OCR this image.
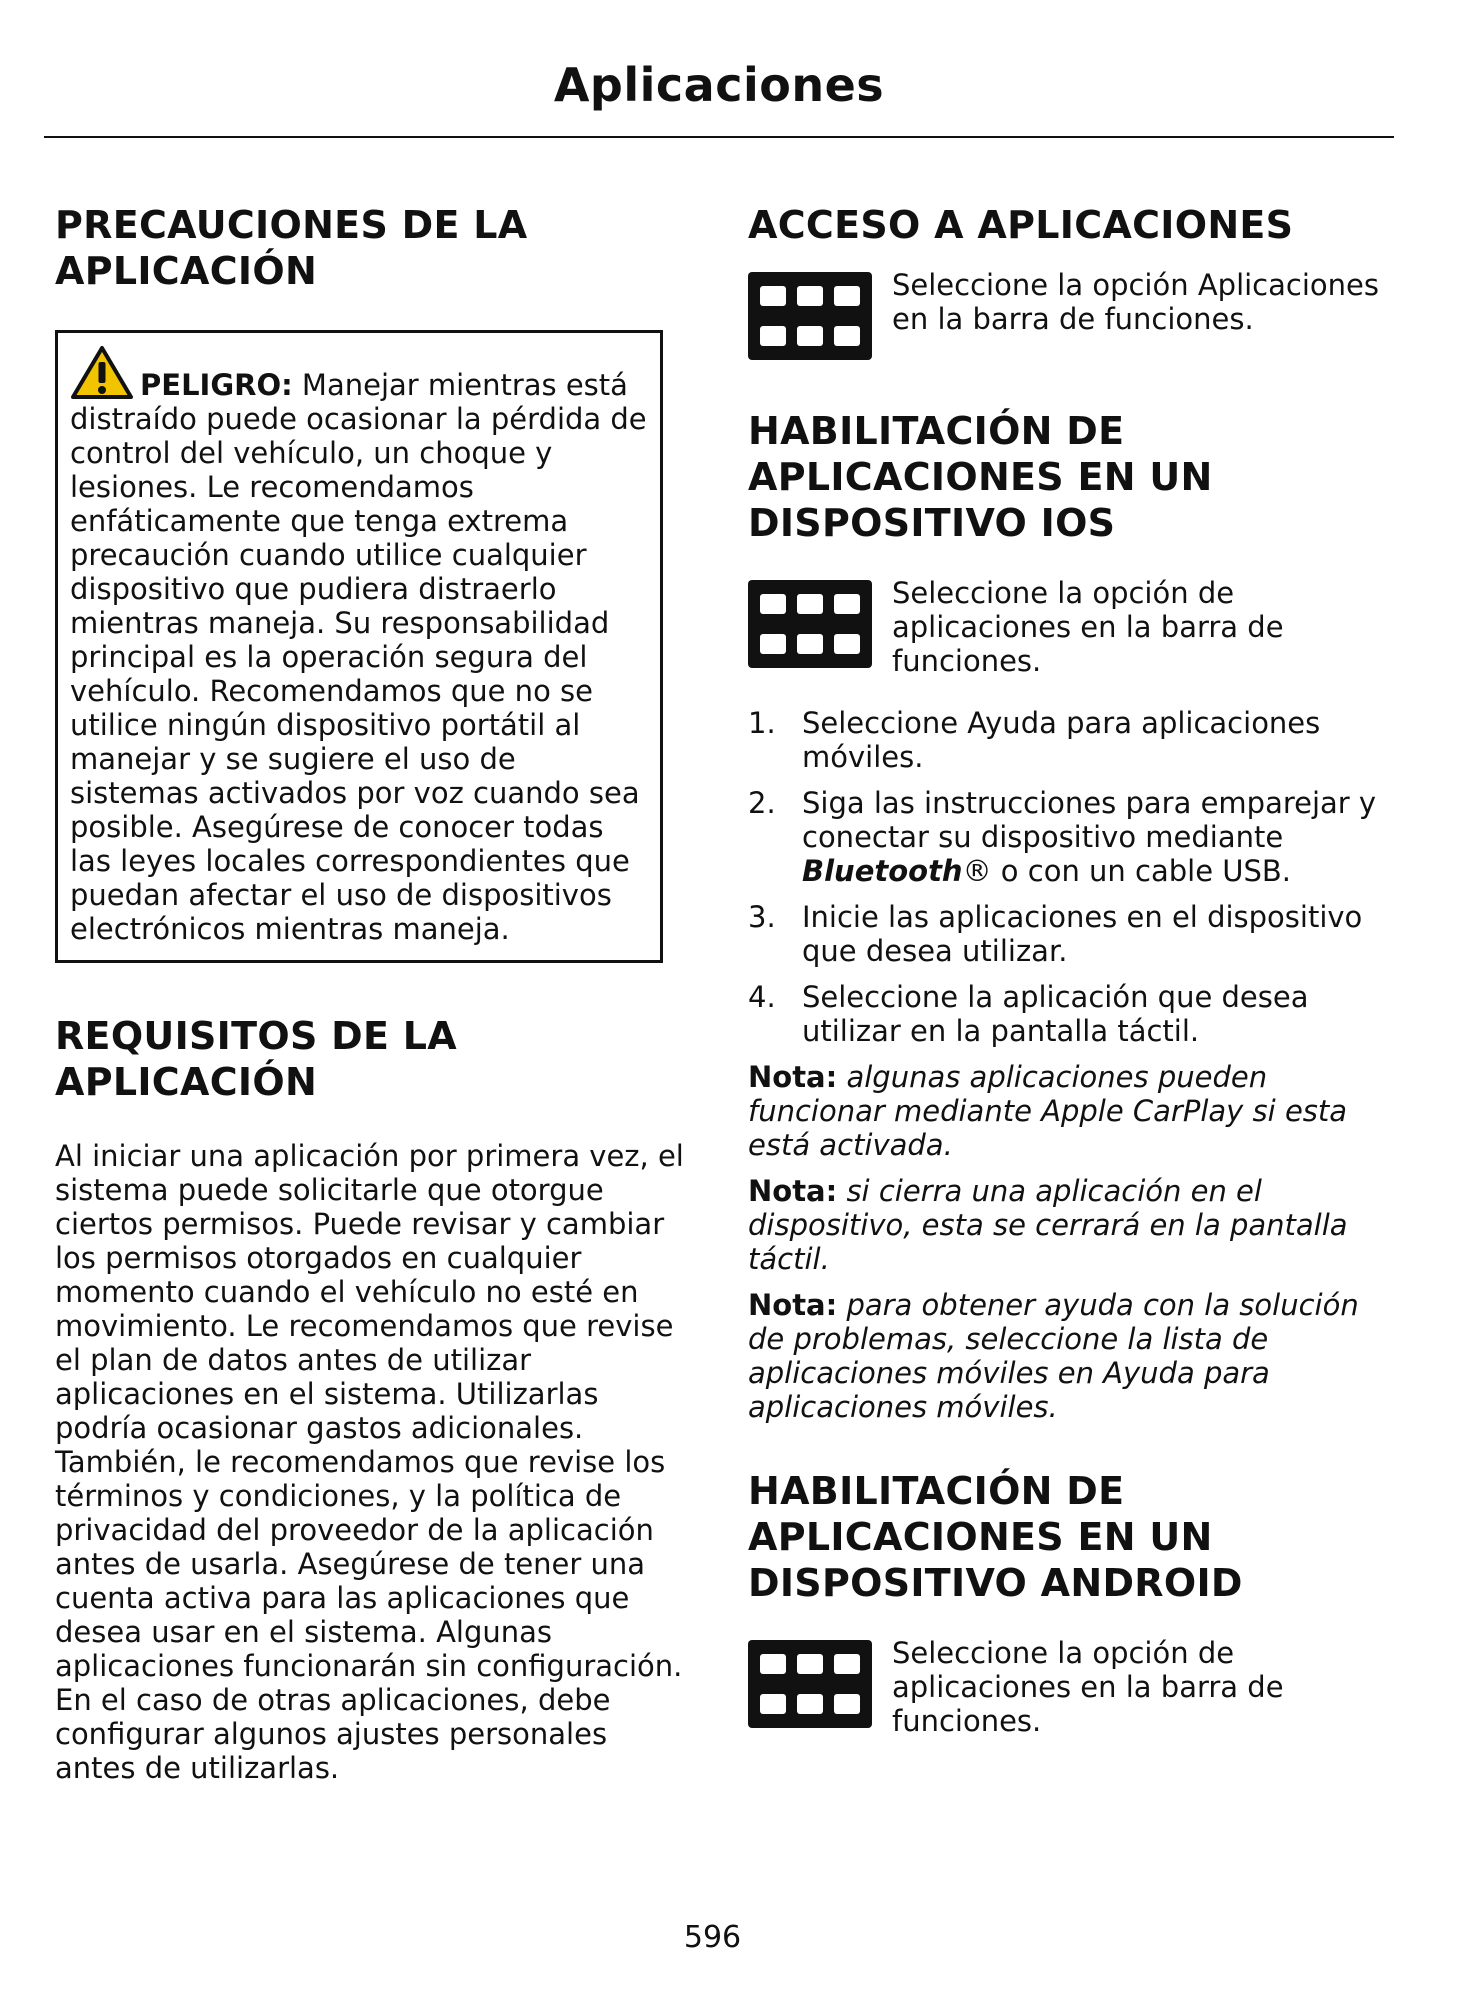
Aplicaciones
PRECAUCIONES DE LA APLICACIÓN

PELIGRO: Manejar mientras está distraído puede ocasionar la pérdida de control del vehículo, un choque y lesiones. Le recomendamos enfáticamente que tenga extrema precaución cuando utilice cualquier dispositivo que pudiera distraerlo mientras maneja. Su responsabilidad principal es la operación segura del vehículo. Recomendamos que no se utilice ningún dispositivo portátil al manejar y se sugiere el uso de sistemas activados por voz cuando sea posible. Asegúrese de conocer todas las leyes locales correspondientes que puedan afectar el uso de dispositivos electrónicos mientras maneja.

REQUISITOS DE LA APLICACIÓN

Al iniciar una aplicación por primera vez, el sistema puede solicitarle que otorgue ciertos permisos. Puede revisar y cambiar los permisos otorgados en cualquier momento cuando el vehículo no esté en movimiento. Le recomendamos que revise el plan de datos antes de utilizar aplicaciones en el sistema. Utilizarlas podría ocasionar gastos adicionales. También, le recomendamos que revise los términos y condiciones, y la política de privacidad del proveedor de la aplicación antes de usarla. Asegúrese de tener una cuenta activa para las aplicaciones que desea usar en el sistema. Algunas aplicaciones funcionarán sin configuración. En el caso de otras aplicaciones, debe configurar algunos ajustes personales antes de utilizarlas.

ACCESO A APLICACIONES

Seleccione la opción Aplicaciones en la barra de funciones.

HABILITACIÓN DE APLICACIONES EN UN DISPOSITIVO IOS

Seleccione la opción de aplicaciones en la barra de funciones.

1. Seleccione Ayuda para aplicaciones móviles.
2. Siga las instrucciones para emparejar y conectar su dispositivo mediante Bluetooth® o con un cable USB.
3. Inicie las aplicaciones en el dispositivo que desea utilizar.
4. Seleccione la aplicación que desea utilizar en la pantalla táctil.

Nota: algunas aplicaciones pueden funcionar mediante Apple CarPlay si esta está activada.

Nota: si cierra una aplicación en el dispositivo, esta se cerrará en la pantalla táctil.

Nota: para obtener ayuda con la solución de problemas, seleccione la lista de aplicaciones móviles en Ayuda para aplicaciones móviles.

HABILITACIÓN DE APLICACIONES EN UN DISPOSITIVO ANDROID

Seleccione la opción de aplicaciones en la barra de funciones.

596
